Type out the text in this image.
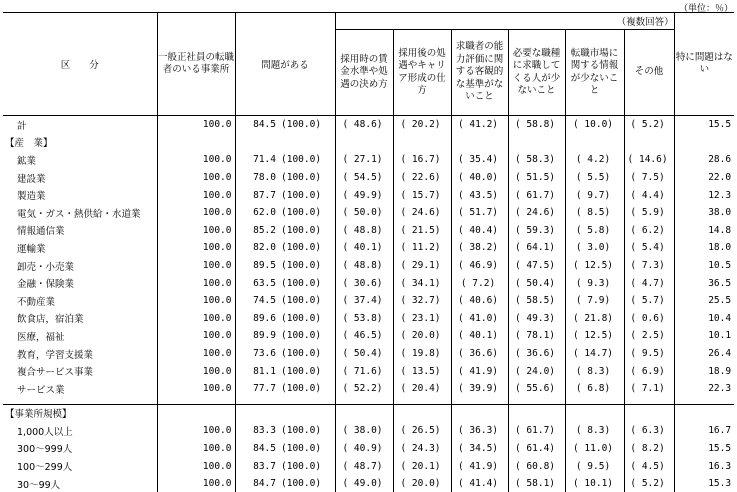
（単位：％）
区　　分	一般正社員の転職者のいる事業所	問題がある		（複数回答）						特に問題はない
				採用時の賃金水準や処遇の決め方	採用後の処遇やキャリア形成の仕方	求職者の能力評価に関する客観的な基準がないこと	必要な職種に求職してくる人が少ないこと	転職市場に関する情報が少ないこと	その他	
計	100.0	84.5	(100.0)	( 48.6)	( 20.2)	( 41.2)	( 58.8)	( 10.0)	( 5.2)	15.5
【産　業】										
鉱業	100.0	71.4	(100.0)	( 27.1)	( 16.7)	( 35.4)	( 58.3)	( 4.2)	( 14.6)	28.6
建設業	100.0	78.0	(100.0)	( 54.5)	( 22.6)	( 40.0)	( 51.5)	( 5.5)	( 7.5)	22.0
製造業	100.0	87.7	(100.0)	( 49.9)	( 15.7)	( 43.5)	( 61.7)	( 9.7)	( 4.4)	12.3
電気・ガス・熱供給・水道業	100.0	62.0	(100.0)	( 50.0)	( 24.6)	( 51.7)	( 24.6)	( 8.5)	( 5.9)	38.0
情報通信業	100.0	85.2	(100.0)	( 48.8)	( 21.5)	( 40.4)	( 59.3)	( 5.8)	( 6.2)	14.8
運輸業	100.0	82.0	(100.0)	( 40.1)	( 11.2)	( 38.2)	( 64.1)	( 3.0)	( 5.4)	18.0
卸売・小売業	100.0	89.5	(100.0)	( 48.8)	( 29.1)	( 46.9)	( 47.5)	( 12.5)	( 7.3)	10.5
金融・保険業	100.0	63.5	(100.0)	( 30.6)	( 34.1)	( 7.2)	( 50.4)	( 9.3)	( 4.7)	36.5
不動産業	100.0	74.5	(100.0)	( 37.4)	( 32.7)	( 40.6)	( 58.5)	( 7.9)	( 5.7)	25.5
飲食店，宿泊業	100.0	89.6	(100.0)	( 53.8)	( 23.1)	( 41.0)	( 49.3)	( 21.8)	( 0.6)	10.4
医療，福祉	100.0	89.9	(100.0)	( 46.5)	( 20.0)	( 40.1)	( 78.1)	( 12.5)	( 2.5)	10.1
教育，学習支援業	100.0	73.6	(100.0)	( 50.4)	( 19.8)	( 36.6)	( 36.6)	( 14.7)	( 9.5)	26.4
複合サービス事業	100.0	81.1	(100.0)	( 71.6)	( 13.5)	( 41.9)	( 24.0)	( 8.3)	( 6.9)	18.9
サービス業	100.0	77.7	(100.0)	( 52.2)	( 20.4)	( 39.9)	( 55.6)	( 6.8)	( 7.1)	22.3

【事業所規模】										
1,000人以上	100.0	83.3	(100.0)	( 38.0)	( 26.5)	( 36.3)	( 61.7)	( 8.3)	( 6.3)	16.7
300～999人	100.0	84.5	(100.0)	( 40.9)	( 24.3)	( 34.5)	( 61.4)	( 11.0)	( 8.2)	15.5
100～299人	100.0	83.7	(100.0)	( 48.7)	( 20.1)	( 41.9)	( 60.8)	( 9.5)	( 4.5)	16.3
30～99人	100.0	84.7	(100.0)	( 49.0)	( 20.0)	( 41.4)	( 58.1)	( 10.1)	( 5.2)	15.3
